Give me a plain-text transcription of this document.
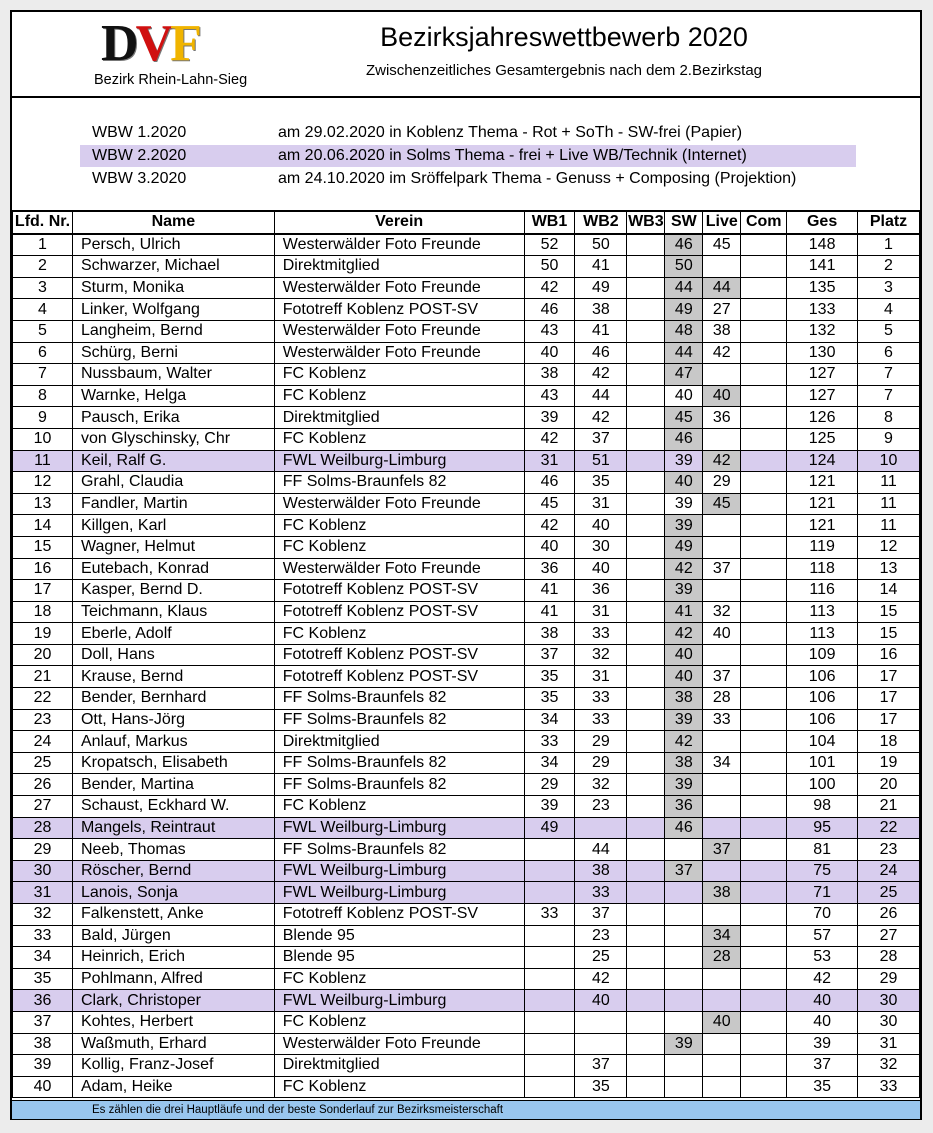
DVF
Bezirk Rhein-Lahn-Sieg
Bezirksjahreswettbewerb 2020
Zwischenzeitliches Gesamtergebnis nach dem 2.Bezirkstag
WBW 1.2020	am 29.02.2020 in Koblenz Thema - Rot + SoTh - SW-frei (Papier)
WBW 2.2020	am 20.06.2020 in Solms Thema - frei + Live WB/Technik (Internet)
WBW 3.2020	am 24.10.2020 im Sröffelpark Thema - Genuss + Composing (Projektion)
Lfd. Nr.	Name	Verein	WB1	WB2	WB3	SW	Live	Com	Ges	Platz
1	Persch, Ulrich	Westerwälder Foto Freunde	52	50		46	45		148	1
2	Schwarzer, Michael	Direktmitglied	50	41		50			141	2
3	Sturm, Monika	Westerwälder Foto Freunde	42	49		44	44		135	3
4	Linker, Wolfgang	Fototreff Koblenz POST-SV	46	38		49	27		133	4
5	Langheim, Bernd	Westerwälder Foto Freunde	43	41		48	38		132	5
6	Schürg, Berni	Westerwälder Foto Freunde	40	46		44	42		130	6
7	Nussbaum, Walter	FC Koblenz	38	42		47			127	7
8	Warnke, Helga	FC Koblenz	43	44		40	40		127	7
9	Pausch, Erika	Direktmitglied	39	42		45	36		126	8
10	von Glyschinsky, Chr	FC Koblenz	42	37		46			125	9
11	Keil, Ralf G.	FWL Weilburg-Limburg	31	51		39	42		124	10
12	Grahl, Claudia	FF Solms-Braunfels 82	46	35		40	29		121	11
13	Fandler, Martin	Westerwälder Foto Freunde	45	31		39	45		121	11
14	Killgen, Karl	FC Koblenz	42	40		39			121	11
15	Wagner, Helmut	FC Koblenz	40	30		49			119	12
16	Eutebach, Konrad	Westerwälder Foto Freunde	36	40		42	37		118	13
17	Kasper, Bernd D.	Fototreff Koblenz POST-SV	41	36		39			116	14
18	Teichmann, Klaus	Fototreff Koblenz POST-SV	41	31		41	32		113	15
19	Eberle, Adolf	FC Koblenz	38	33		42	40		113	15
20	Doll, Hans	Fototreff Koblenz POST-SV	37	32		40			109	16
21	Krause, Bernd	Fototreff Koblenz POST-SV	35	31		40	37		106	17
22	Bender, Bernhard	FF Solms-Braunfels 82	35	33		38	28		106	17
23	Ott, Hans-Jörg	FF Solms-Braunfels 82	34	33		39	33		106	17
24	Anlauf, Markus	Direktmitglied	33	29		42			104	18
25	Kropatsch, Elisabeth	FF Solms-Braunfels 82	34	29		38	34		101	19
26	Bender, Martina	FF Solms-Braunfels 82	29	32		39			100	20
27	Schaust, Eckhard W.	FC Koblenz	39	23		36			98	21
28	Mangels, Reintraut	FWL Weilburg-Limburg	49			46			95	22
29	Neeb, Thomas	FF Solms-Braunfels 82		44			37		81	23
30	Röscher, Bernd	FWL Weilburg-Limburg		38		37			75	24
31	Lanois, Sonja	FWL Weilburg-Limburg		33			38		71	25
32	Falkenstett, Anke	Fototreff Koblenz POST-SV	33	37					70	26
33	Bald, Jürgen	Blende 95		23			34		57	27
34	Heinrich, Erich	Blende 95		25			28		53	28
35	Pohlmann, Alfred	FC Koblenz		42					42	29
36	Clark, Christoper	FWL Weilburg-Limburg		40					40	30
37	Kohtes, Herbert	FC Koblenz					40		40	30
38	Waßmuth, Erhard	Westerwälder Foto Freunde				39			39	31
39	Kollig, Franz-Josef	Direktmitglied		37					37	32
40	Adam, Heike	FC Koblenz		35					35	33
Es zählen die drei Hauptläufe und der beste Sonderlauf zur Bezirksmeisterschaft
